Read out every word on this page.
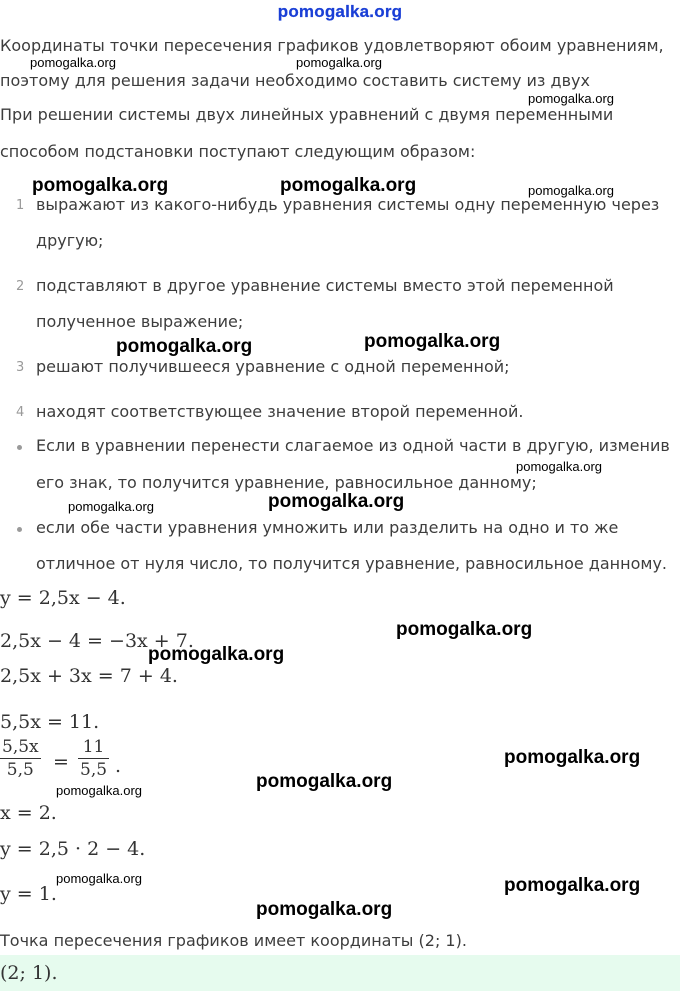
pomogalka.org
Координаты точки пересечения графиков удовлетворяют обоим уравнениям,
поэтому для решения задачи необходимо составить систему из двух
При решении системы двух линейных уравнений с двумя переменными
способом подстановки поступают следующим образом:
1 выражают из какого-нибудь уравнения системы одну переменную через
другую;
2 подставляют в другое уравнение системы вместо этой переменной
полученное выражение;
3 решают получившееся уравнение с одной переменной;
4 находят соответствующее значение второй переменной.
Если в уравнении перенести слагаемое из одной части в другую, изменив
его знак, то получится уравнение, равносильное данному;
если обе части уравнения умножить или разделить на одно и то же
отличное от нуля число, то получится уравнение, равносильное данному.
y = 2,5x − 4.
2,5x − 4 = −3x + 7.
2,5x + 3x = 7 + 4.
5,5x = 11.
5,5x
5,5	=
11
5,5 .
x = 2.
y = 2,5 · 2 − 4.
y = 1.
Точка пересечения графиков имеет координаты (2; 1).
(2; 1).
pomogalka.org	pomogalka.org
pomogalka.org
pomogalka.org	pomogalka.org	pomogalka.org
pomogalka.org	pomogalka.org
pomogalka.org
pomogalka.org	pomogalka.org
pomogalka.org
pomogalka.org
pomogalka.org
pomogalka.org
pomogalka.org
pomogalka.org	pomogalka.org
pomogalka.org
